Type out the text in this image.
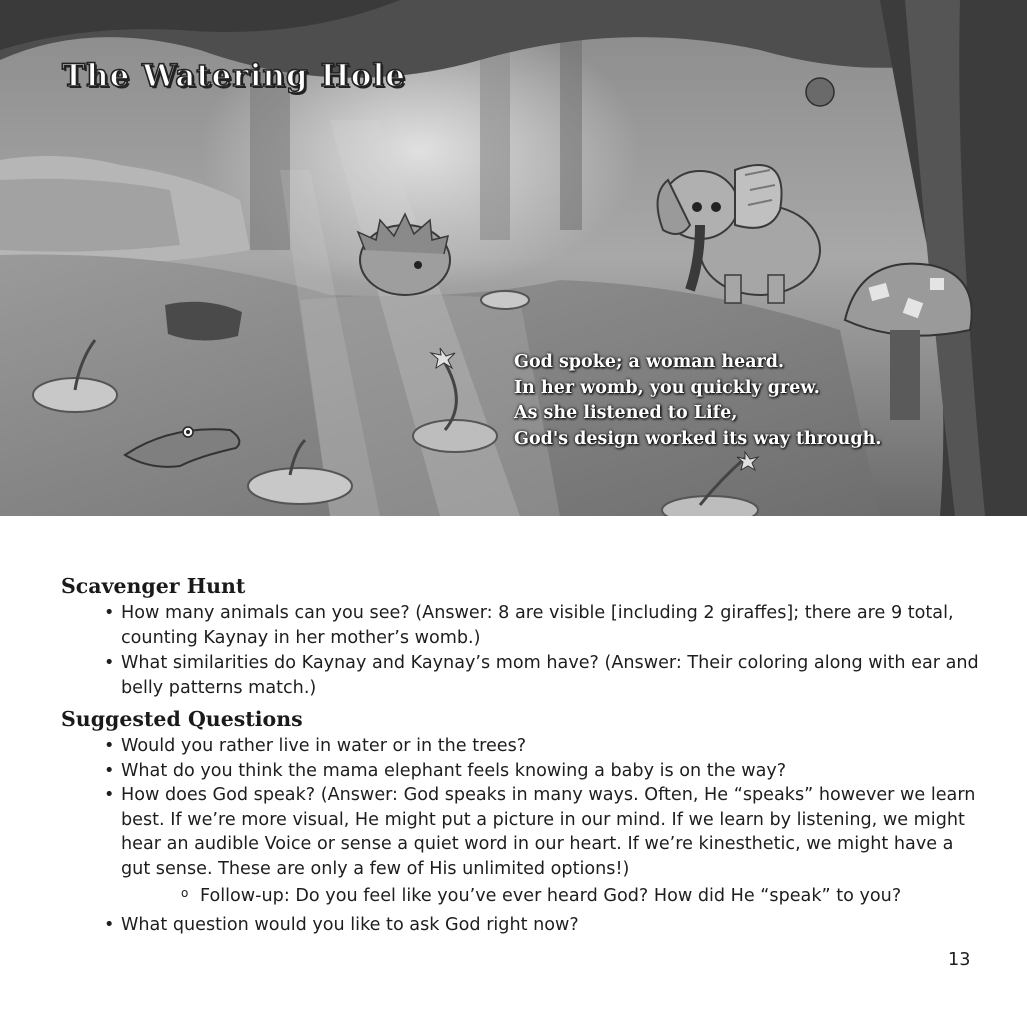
The Watering Hole
God spoke; a woman heard.
In her womb, you quickly grew.
As she listened to Life,
God's design worked its way through.
Scavenger Hunt
• How many animals can you see? (Answer: 8 are visible [including 2 giraffes]; there are 9 total, counting Kaynay in her mother’s womb.)
• What similarities do Kaynay and Kaynay’s mom have? (Answer: Their coloring along with ear and belly patterns match.)
Suggested Questions
• Would you rather live in water or in the trees?
• What do you think the mama elephant feels knowing a baby is on the way?
• How does God speak? (Answer: God speaks in many ways. Often, He “speaks” however we learn best. If we’re more visual, He might put a picture in our mind. If we learn by listening, we might hear an audible Voice or sense a quiet word in our heart. If we’re kinesthetic, we might have a gut sense. These are only a few of His unlimited options!)
o Follow-up: Do you feel like you’ve ever heard God? How did He “speak” to you?
• What question would you like to ask God right now?
13
